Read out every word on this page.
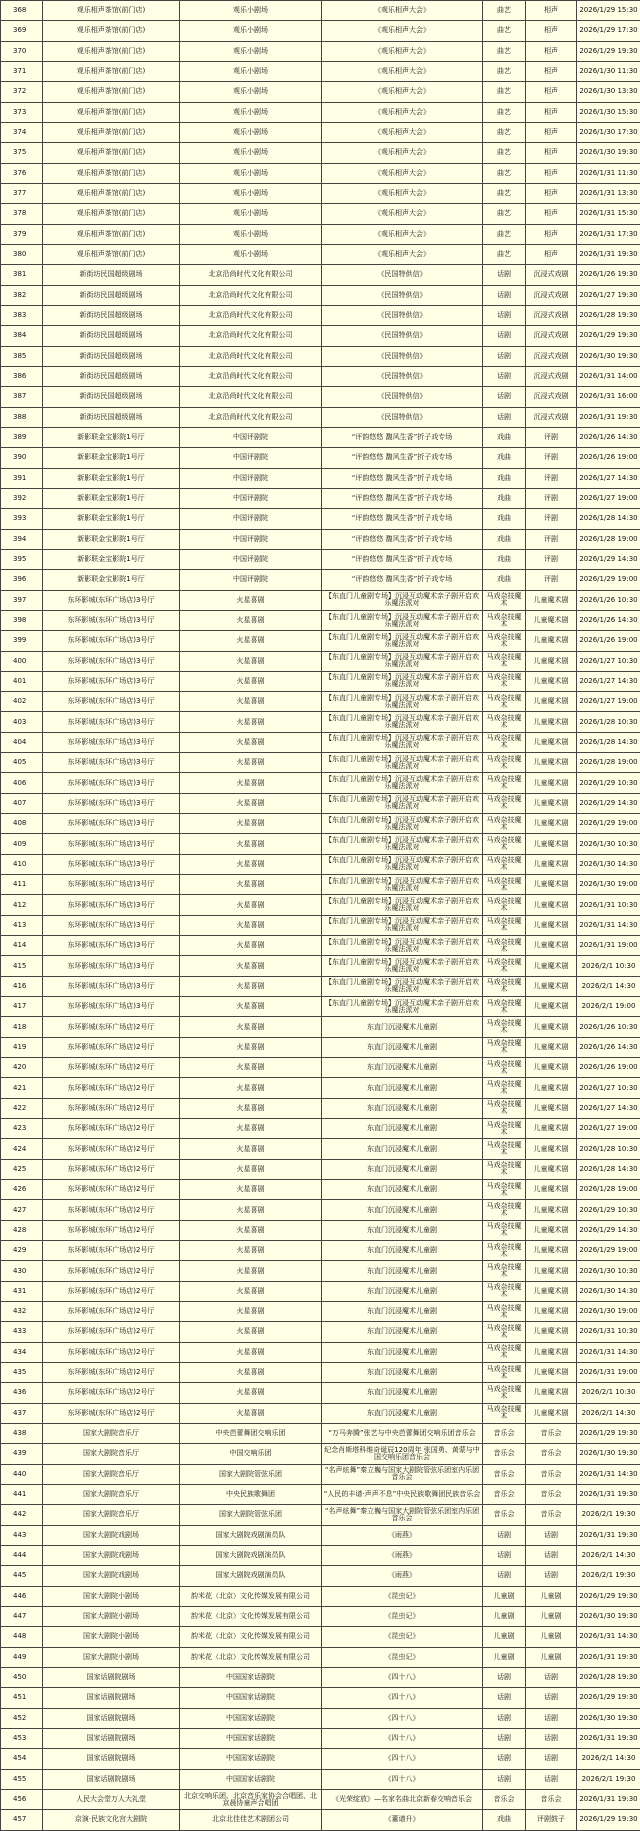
368	观乐相声茶馆(前门店)	观乐小剧场	《观乐相声大会》	曲艺	相声	2026/1/29 15:30
369	观乐相声茶馆(前门店)	观乐小剧场	《观乐相声大会》	曲艺	相声	2026/1/29 17:30
370	观乐相声茶馆(前门店)	观乐小剧场	《观乐相声大会》	曲艺	相声	2026/1/29 19:30
371	观乐相声茶馆(前门店)	观乐小剧场	《观乐相声大会》	曲艺	相声	2026/1/30 11:30
372	观乐相声茶馆(前门店)	观乐小剧场	《观乐相声大会》	曲艺	相声	2026/1/30 13:30
373	观乐相声茶馆(前门店)	观乐小剧场	《观乐相声大会》	曲艺	相声	2026/1/30 15:30
374	观乐相声茶馆(前门店)	观乐小剧场	《观乐相声大会》	曲艺	相声	2026/1/30 17:30
375	观乐相声茶馆(前门店)	观乐小剧场	《观乐相声大会》	曲艺	相声	2026/1/30 19:30
376	观乐相声茶馆(前门店)	观乐小剧场	《观乐相声大会》	曲艺	相声	2026/1/31 11:30
377	观乐相声茶馆(前门店)	观乐小剧场	《观乐相声大会》	曲艺	相声	2026/1/31 13:30
378	观乐相声茶馆(前门店)	观乐小剧场	《观乐相声大会》	曲艺	相声	2026/1/31 15:30
379	观乐相声茶馆(前门店)	观乐小剧场	《观乐相声大会》	曲艺	相声	2026/1/31 17:30
380	观乐相声茶馆(前门店)	观乐小剧场	《观乐相声大会》	曲艺	相声	2026/1/31 19:30
381	新街坊民国超级剧场	北京沿尚时代文化有限公司	《民国特供信》	话剧	沉浸式戏剧	2026/1/26 19:30
382	新街坊民国超级剧场	北京沿尚时代文化有限公司	《民国特供信》	话剧	沉浸式戏剧	2026/1/27 19:30
383	新街坊民国超级剧场	北京沿尚时代文化有限公司	《民国特供信》	话剧	沉浸式戏剧	2026/1/28 19:30
384	新街坊民国超级剧场	北京沿尚时代文化有限公司	《民国特供信》	话剧	沉浸式戏剧	2026/1/29 19:30
385	新街坊民国超级剧场	北京沿尚时代文化有限公司	《民国特供信》	话剧	沉浸式戏剧	2026/1/30 19:30
386	新街坊民国超级剧场	北京沿尚时代文化有限公司	《民国特供信》	话剧	沉浸式戏剧	2026/1/31 14:00
387	新街坊民国超级剧场	北京沿尚时代文化有限公司	《民国特供信》	话剧	沉浸式戏剧	2026/1/31 16:00
388	新街坊民国超级剧场	北京沿尚时代文化有限公司	《民国特供信》	话剧	沉浸式戏剧	2026/1/31 19:30
389	新影联金宝影院1号厅	中国评剧院	“评韵悠悠 馥风生香”折子戏专场	戏曲	评剧	2026/1/26 14:30
390	新影联金宝影院1号厅	中国评剧院	“评韵悠悠 馥风生香”折子戏专场	戏曲	评剧	2026/1/26 19:00
391	新影联金宝影院1号厅	中国评剧院	“评韵悠悠 馥风生香”折子戏专场	戏曲	评剧	2026/1/27 14:30
392	新影联金宝影院1号厅	中国评剧院	“评韵悠悠 馥风生香”折子戏专场	戏曲	评剧	2026/1/27 19:00
393	新影联金宝影院1号厅	中国评剧院	“评韵悠悠 馥风生香”折子戏专场	戏曲	评剧	2026/1/28 14:30
394	新影联金宝影院1号厅	中国评剧院	“评韵悠悠 馥风生香”折子戏专场	戏曲	评剧	2026/1/28 19:00
395	新影联金宝影院1号厅	中国评剧院	“评韵悠悠 馥风生香”折子戏专场	戏曲	评剧	2026/1/29 14:30
396	新影联金宝影院1号厅	中国评剧院	“评韵悠悠 馥风生香”折子戏专场	戏曲	评剧	2026/1/29 19:00
397	东环影城(东环广场店)3号厅	火星喜剧	【东直门儿童剧专场】沉浸互动魔术亲子剧开启欢乐魔法派对	马戏杂技魔术	儿童魔术剧	2026/1/26 10:30
398	东环影城(东环广场店)3号厅	火星喜剧	【东直门儿童剧专场】沉浸互动魔术亲子剧开启欢乐魔法派对	马戏杂技魔术	儿童魔术剧	2026/1/26 14:30
399	东环影城(东环广场店)3号厅	火星喜剧	【东直门儿童剧专场】沉浸互动魔术亲子剧开启欢乐魔法派对	马戏杂技魔术	儿童魔术剧	2026/1/26 19:00
400	东环影城(东环广场店)3号厅	火星喜剧	【东直门儿童剧专场】沉浸互动魔术亲子剧开启欢乐魔法派对	马戏杂技魔术	儿童魔术剧	2026/1/27 10:30
401	东环影城(东环广场店)3号厅	火星喜剧	【东直门儿童剧专场】沉浸互动魔术亲子剧开启欢乐魔法派对	马戏杂技魔术	儿童魔术剧	2026/1/27 14:30
402	东环影城(东环广场店)3号厅	火星喜剧	【东直门儿童剧专场】沉浸互动魔术亲子剧开启欢乐魔法派对	马戏杂技魔术	儿童魔术剧	2026/1/27 19:00
403	东环影城(东环广场店)3号厅	火星喜剧	【东直门儿童剧专场】沉浸互动魔术亲子剧开启欢乐魔法派对	马戏杂技魔术	儿童魔术剧	2026/1/28 10:30
404	东环影城(东环广场店)3号厅	火星喜剧	【东直门儿童剧专场】沉浸互动魔术亲子剧开启欢乐魔法派对	马戏杂技魔术	儿童魔术剧	2026/1/28 14:30
405	东环影城(东环广场店)3号厅	火星喜剧	【东直门儿童剧专场】沉浸互动魔术亲子剧开启欢乐魔法派对	马戏杂技魔术	儿童魔术剧	2026/1/28 19:00
406	东环影城(东环广场店)3号厅	火星喜剧	【东直门儿童剧专场】沉浸互动魔术亲子剧开启欢乐魔法派对	马戏杂技魔术	儿童魔术剧	2026/1/29 10:30
407	东环影城(东环广场店)3号厅	火星喜剧	【东直门儿童剧专场】沉浸互动魔术亲子剧开启欢乐魔法派对	马戏杂技魔术	儿童魔术剧	2026/1/29 14:30
408	东环影城(东环广场店)3号厅	火星喜剧	【东直门儿童剧专场】沉浸互动魔术亲子剧开启欢乐魔法派对	马戏杂技魔术	儿童魔术剧	2026/1/29 19:00
409	东环影城(东环广场店)3号厅	火星喜剧	【东直门儿童剧专场】沉浸互动魔术亲子剧开启欢乐魔法派对	马戏杂技魔术	儿童魔术剧	2026/1/30 10:30
410	东环影城(东环广场店)3号厅	火星喜剧	【东直门儿童剧专场】沉浸互动魔术亲子剧开启欢乐魔法派对	马戏杂技魔术	儿童魔术剧	2026/1/30 14:30
411	东环影城(东环广场店)3号厅	火星喜剧	【东直门儿童剧专场】沉浸互动魔术亲子剧开启欢乐魔法派对	马戏杂技魔术	儿童魔术剧	2026/1/30 19:00
412	东环影城(东环广场店)3号厅	火星喜剧	【东直门儿童剧专场】沉浸互动魔术亲子剧开启欢乐魔法派对	马戏杂技魔术	儿童魔术剧	2026/1/31 10:30
413	东环影城(东环广场店)3号厅	火星喜剧	【东直门儿童剧专场】沉浸互动魔术亲子剧开启欢乐魔法派对	马戏杂技魔术	儿童魔术剧	2026/1/31 14:30
414	东环影城(东环广场店)3号厅	火星喜剧	【东直门儿童剧专场】沉浸互动魔术亲子剧开启欢乐魔法派对	马戏杂技魔术	儿童魔术剧	2026/1/31 19:00
415	东环影城(东环广场店)3号厅	火星喜剧	【东直门儿童剧专场】沉浸互动魔术亲子剧开启欢乐魔法派对	马戏杂技魔术	儿童魔术剧	2026/2/1 10:30
416	东环影城(东环广场店)3号厅	火星喜剧	【东直门儿童剧专场】沉浸互动魔术亲子剧开启欢乐魔法派对	马戏杂技魔术	儿童魔术剧	2026/2/1 14:30
417	东环影城(东环广场店)3号厅	火星喜剧	【东直门儿童剧专场】沉浸互动魔术亲子剧开启欢乐魔法派对	马戏杂技魔术	儿童魔术剧	2026/2/1 19:00
418	东环影城(东环广场店)2号厅	火星喜剧	东直门沉浸魔术儿童剧	马戏杂技魔术	儿童魔术剧	2026/1/26 10:30
419	东环影城(东环广场店)2号厅	火星喜剧	东直门沉浸魔术儿童剧	马戏杂技魔术	儿童魔术剧	2026/1/26 14:30
420	东环影城(东环广场店)2号厅	火星喜剧	东直门沉浸魔术儿童剧	马戏杂技魔术	儿童魔术剧	2026/1/26 19:00
421	东环影城(东环广场店)2号厅	火星喜剧	东直门沉浸魔术儿童剧	马戏杂技魔术	儿童魔术剧	2026/1/27 10:30
422	东环影城(东环广场店)2号厅	火星喜剧	东直门沉浸魔术儿童剧	马戏杂技魔术	儿童魔术剧	2026/1/27 14:30
423	东环影城(东环广场店)2号厅	火星喜剧	东直门沉浸魔术儿童剧	马戏杂技魔术	儿童魔术剧	2026/1/27 19:00
424	东环影城(东环广场店)2号厅	火星喜剧	东直门沉浸魔术儿童剧	马戏杂技魔术	儿童魔术剧	2026/1/28 10:30
425	东环影城(东环广场店)2号厅	火星喜剧	东直门沉浸魔术儿童剧	马戏杂技魔术	儿童魔术剧	2026/1/28 14:30
426	东环影城(东环广场店)2号厅	火星喜剧	东直门沉浸魔术儿童剧	马戏杂技魔术	儿童魔术剧	2026/1/28 19:00
427	东环影城(东环广场店)2号厅	火星喜剧	东直门沉浸魔术儿童剧	马戏杂技魔术	儿童魔术剧	2026/1/29 10:30
428	东环影城(东环广场店)2号厅	火星喜剧	东直门沉浸魔术儿童剧	马戏杂技魔术	儿童魔术剧	2026/1/29 14:30
429	东环影城(东环广场店)2号厅	火星喜剧	东直门沉浸魔术儿童剧	马戏杂技魔术	儿童魔术剧	2026/1/29 19:00
430	东环影城(东环广场店)2号厅	火星喜剧	东直门沉浸魔术儿童剧	马戏杂技魔术	儿童魔术剧	2026/1/30 10:30
431	东环影城(东环广场店)2号厅	火星喜剧	东直门沉浸魔术儿童剧	马戏杂技魔术	儿童魔术剧	2026/1/30 14:30
432	东环影城(东环广场店)2号厅	火星喜剧	东直门沉浸魔术儿童剧	马戏杂技魔术	儿童魔术剧	2026/1/30 19:00
433	东环影城(东环广场店)2号厅	火星喜剧	东直门沉浸魔术儿童剧	马戏杂技魔术	儿童魔术剧	2026/1/31 10:30
434	东环影城(东环广场店)2号厅	火星喜剧	东直门沉浸魔术儿童剧	马戏杂技魔术	儿童魔术剧	2026/1/31 14:30
435	东环影城(东环广场店)2号厅	火星喜剧	东直门沉浸魔术儿童剧	马戏杂技魔术	儿童魔术剧	2026/1/31 19:00
436	东环影城(东环广场店)2号厅	火星喜剧	东直门沉浸魔术儿童剧	马戏杂技魔术	儿童魔术剧	2026/2/1 10:30
437	东环影城(东环广场店)2号厅	火星喜剧	东直门沉浸魔术儿童剧	马戏杂技魔术	儿童魔术剧	2026/2/1 14:30
438	国家大剧院音乐厅	中央芭蕾舞团交响乐团	“万马奔腾”张艺与中央芭蕾舞团交响乐团音乐会	音乐会	音乐会	2026/1/29 19:30
439	国家大剧院音乐厅	中国交响乐团	纪念肖斯塔科维奇诞辰120周年 张国勇、黄蒙与中国交响乐团音乐会	音乐会	音乐会	2026/1/30 19:30
440	国家大剧院音乐厅	国家大剧院管弦乐团	“名声炫舞”秦立巍与国家大剧院管弦乐团室内乐团音乐会	音乐会	音乐会	2026/1/31 14:30
441	国家大剧院音乐厅	中央民族歌舞团	“人民的丰谱·声声不息”中央民族歌舞团民族音乐会	音乐会	音乐会	2026/1/31 19:30
442	国家大剧院音乐厅	国家大剧院管弦乐团	“名声炫舞”秦立巍与国家大剧院管弦乐团室内乐团音乐会	音乐会	音乐会	2026/2/1 19:30
443	国家大剧院戏剧场	国家大剧院戏剧演员队	《雨燕》	话剧	话剧	2026/1/31 19:30
444	国家大剧院戏剧场	国家大剧院戏剧演员队	《雨燕》	话剧	话剧	2026/2/1 14:30
445	国家大剧院戏剧场	国家大剧院戏剧演员队	《雨燕》	话剧	话剧	2026/2/1 19:30
446	国家大剧院小剧场	韵米花（北京）文化传媒发展有限公司	《昆虫记》	儿童剧	儿童剧	2026/1/29 19:30
447	国家大剧院小剧场	韵米花（北京）文化传媒发展有限公司	《昆虫记》	儿童剧	儿童剧	2026/1/30 19:30
448	国家大剧院小剧场	韵米花（北京）文化传媒发展有限公司	《昆虫记》	儿童剧	儿童剧	2026/1/31 14:30
449	国家大剧院小剧场	韵米花（北京）文化传媒发展有限公司	《昆虫记》	儿童剧	儿童剧	2026/1/31 19:30
450	国家话剧院剧场	中国国家话剧院	《四十八》	话剧	话剧	2026/1/28 19:30
451	国家话剧院剧场	中国国家话剧院	《四十八》	话剧	话剧	2026/1/29 19:30
452	国家话剧院剧场	中国国家话剧院	《四十八》	话剧	话剧	2026/1/30 19:30
453	国家话剧院剧场	中国国家话剧院	《四十八》	话剧	话剧	2026/1/31 19:30
454	国家话剧院剧场	中国国家话剧院	《四十八》	话剧	话剧	2026/2/1 14:30
455	国家话剧院剧场	中国国家话剧院	《四十八》	话剧	话剧	2026/2/1 19:30
456	人民大会堂万人大礼堂	北京交响乐团、北京音乐家协会合唱团、北京晨协童声合唱团	《光荣绽放》—名家名曲北京新春交响音乐会	音乐会	音乐会	2026/1/31 19:30
457	京演·民族文化宫大剧院	北京北佳佳艺术剧团公司	《董谱升》	戏曲	评剧鼓子	2026/1/29 19:30
